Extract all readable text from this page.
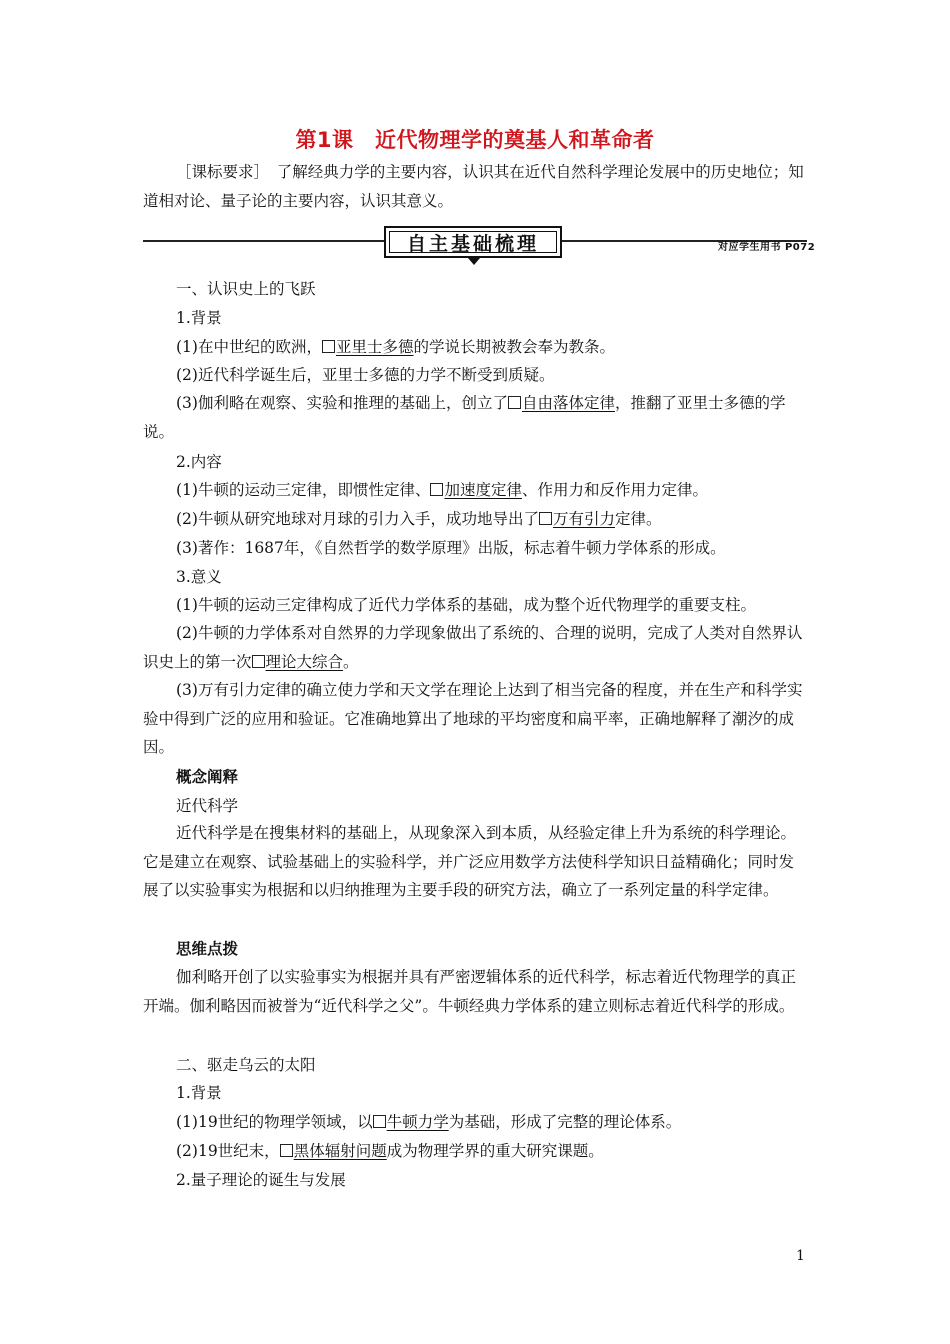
第1课　近代物理学的奠基人和革命者
［课标要求］　了解经典力学的主要内容，认识其在近代自然科学理论发展中的历史地位；知道相对论、量子论的主要内容，认识其意义。
自主基础梳理	对应学生用书 P072
一、认识史上的飞跃
1.背景
(1)在中世纪的欧洲， 亚里士多德的学说长期被教会奉为教条。
(2)近代科学诞生后，亚里士多德的力学不断受到质疑。
(3)伽利略在观察、实验和推理的基础上，创立了 自由落体定律，推翻了亚里士多德的学说。
2.内容
(1)牛顿的运动三定律，即惯性定律、 加速度定律、作用力和反作用力定律。
(2)牛顿从研究地球对月球的引力入手，成功地导出了 万有引力定律。
(3)著作：1687年，《自然哲学的数学原理》出版，标志着牛顿力学体系的形成。
3.意义
(1)牛顿的运动三定律构成了近代力学体系的基础，成为整个近代物理学的重要支柱。
(2)牛顿的力学体系对自然界的力学现象做出了系统的、合理的说明，完成了人类对自然界认识史上的第一次 理论大综合。
(3)万有引力定律的确立使力学和天文学在理论上达到了相当完备的程度，并在生产和科学实验中得到广泛的应用和验证。它准确地算出了地球的平均密度和扁平率，正确地解释了潮汐的成因。
概念阐释
近代科学
近代科学是在搜集材料的基础上，从现象深入到本质，从经验定律上升为系统的科学理论。它是建立在观察、试验基础上的实验科学，并广泛应用数学方法使科学知识日益精确化；同时发展了以实验事实为根据和以归纳推理为主要手段的研究方法，确立了一系列定量的科学定律。
思维点拨
伽利略开创了以实验事实为根据并具有严密逻辑体系的近代科学，标志着近代物理学的真正开端。伽利略因而被誉为“近代科学之父”。牛顿经典力学体系的建立则标志着近代科学的形成。
二、驱走乌云的太阳
1.背景
(1)19世纪的物理学领域，以 牛顿力学为基础，形成了完整的理论体系。
(2)19世纪末， 黑体辐射问题成为物理学界的重大研究课题。
2.量子理论的诞生与发展
1
